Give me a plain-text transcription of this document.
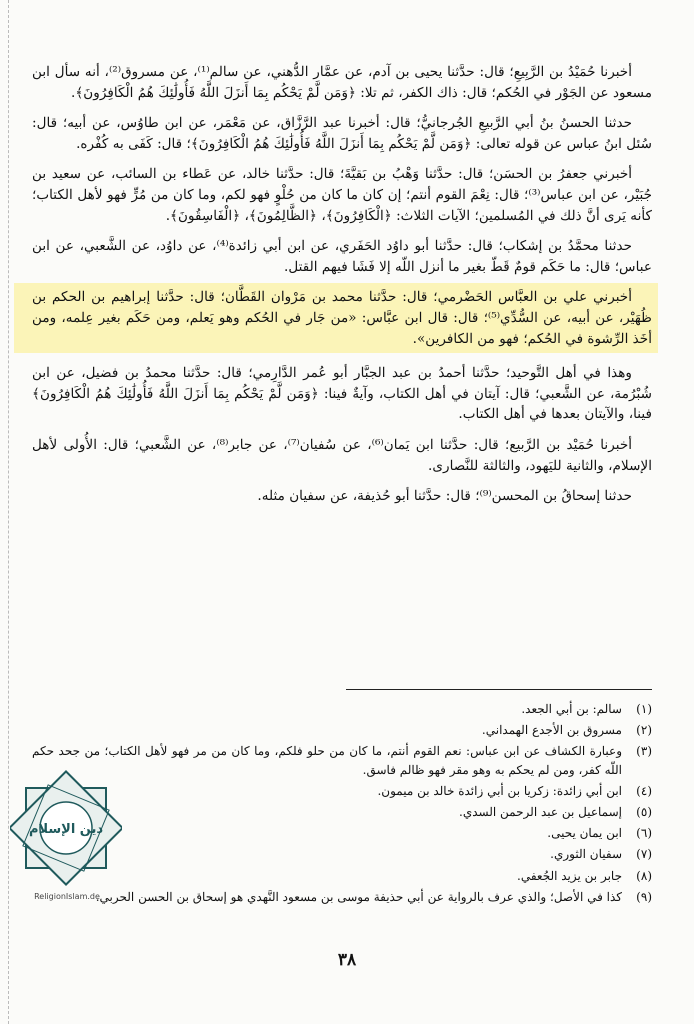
أخبرنا حُمَيْدُ بن الرَّبِيعِ؛ قال: حدَّثنا يحيى بن آدم، عن عمَّار الدُّهني، عن سالم⁽¹⁾، عن مسروق⁽²⁾، أنه سأل ابن مسعود عن الجَوْر في الحُكم؛ قال: ذاك الكفر، ثم تلا: ﴿وَمَن لَّمْ يَحْكُم بِمَا أَنزَلَ اللَّهُ فَأُولَٰئِكَ هُمُ الْكَافِرُونَ﴾.

حدثنا الحسنُ بنُ أبي الرَّبيعِ الجُرجانيُّ؛ قال: أخبرنا عبد الرَّزَّاق، عن مَعْمَر، عن ابن طاوُس، عن أبيه؛ قال: سُئل ابنُ عباس عن قوله تعالى: ﴿وَمَن لَّمْ يَحْكُم بِمَا أَنزَلَ اللَّهُ فَأُولَٰئِكَ هُمُ الْكَافِرُونَ﴾؛ قال: كَفَى به كُفْره.

أخبرني جعفرُ بن الحسَن؛ قال: حدَّثنا وَهْبُ بن بَقيَّةَ؛ قال: حدَّثنا خالد، عن عَطاء بن السائب، عن سعيد بن جُبَيْر، عن ابن عباس⁽³⁾؛ قال: نِعْمَ القوم أنتم؛ إن كان ما كان من حُلْوٍ فهو لكم، وما كان من مُرٍّ فهو لأهل الكتاب؛ كأنه يَرى أنَّ ذلك في المُسلمين؛ الآيات الثلاث: ﴿الْكَافِرُونَ﴾، ﴿الظَّالِمُونَ﴾، ﴿الْفَاسِقُونَ﴾.

حدثنا محمَّدُ بن إشكاب؛ قال: حدَّثنا أبو داوُد الحَفَري، عن ابن أبي زائدة⁽⁴⁾، عن داوُد، عن الشَّعبي، عن ابن عباس؛ قال: ما حَكَم قومٌ قَطّ بغير ما أنزل اللّه إلا فَشَا فيهم القتل.

أخبرني علي بن العبَّاس الحَضْرمي؛ قال: حدَّثنا محمد بن مَرْوان القَطَّان؛ قال: حدَّثنا إبراهيم بن الحكم بن ظُهَيْر، عن أبيه، عن السُّدِّي⁽⁵⁾؛ قال: قال ابن عبَّاس: «من جَار في الحُكم وهو يَعلم، ومن حَكَم بغير عِلمه، ومن أخَذ الرِّشوة في الحُكم؛ فهو من الكافرين».

وهذا في أهل التَّوحيد؛ حدَّثنا أحمدُ بن عبد الجبَّار أبو عُمر الدَّارِمي؛ قال: حدَّثنا محمدُ بن فضيل، عن ابن شُبْرُمة، عن الشَّعبي؛ قال: آيتان في أهل الكتاب، وآيةٌ فينا: ﴿وَمَن لَّمْ يَحْكُم بِمَا أَنزَلَ اللَّهُ فَأُولَٰئِكَ هُمُ الْكَافِرُونَ﴾ فينا، والآيتان بعدها في أهل الكتاب.

أخبرنا حُمَيْد بن الرَّبيع؛ قال: حدَّثنا ابن يَمان⁽⁶⁾، عن سُفيان⁽⁷⁾، عن جابر⁽⁸⁾، عن الشَّعبي؛ قال: الأُولى لأهل الإسلام، والثانية لليَهود، والثالثة للنَّصارى.

حدثنا إسحاقُ بن المحسن⁽⁹⁾؛ قال: حدَّثنا أبو حُذيفة، عن سفيان مثله.

(١)
سالم: بن أبي الجعد.
(٢)
مسروق بن الأجدع الهمداني.
(٣)
وعبارة الكشاف عن ابن عباس: نعم القوم أنتم، ما كان من حلو فلكم، وما كان من مر فهو لأهل الكتاب؛ من جحد حكم اللّه كفر، ومن لم يحكم به وهو مقر فهو ظالم فاسق.
(٤)
ابن أبي زائدة: زكريا بن أبي زائدة خالد بن ميمون.
(٥)
إسماعيل بن عبد الرحمن السدي.
(٦)
ابن يمان يحيى.
(٧)
سفيان الثوري.
(٨)
جابر بن يزيد الجُعفي.
(٩)
كذا في الأصل؛ والذي عرف بالرواية عن أبي حذيفة موسى بن مسعود النَّهدي هو إسحاق بن الحسن الحربي.
دين الإسلام
ReligionIslam.de
٣٨
